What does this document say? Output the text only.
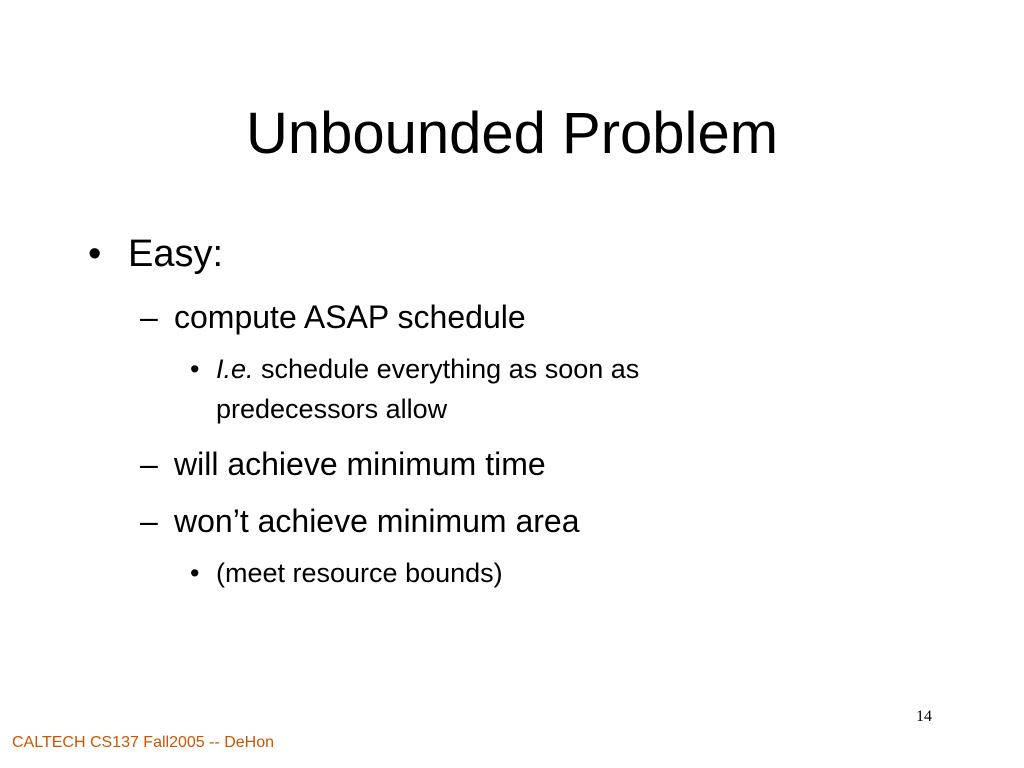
Unbounded Problem
• Easy:
– compute ASAP schedule
• I.e. schedule everything as soon as
predecessors allow
– will achieve minimum time
– won’t achieve minimum area
• (meet resource bounds)
14
CALTECH CS137 Fall2005 -- DeHon
